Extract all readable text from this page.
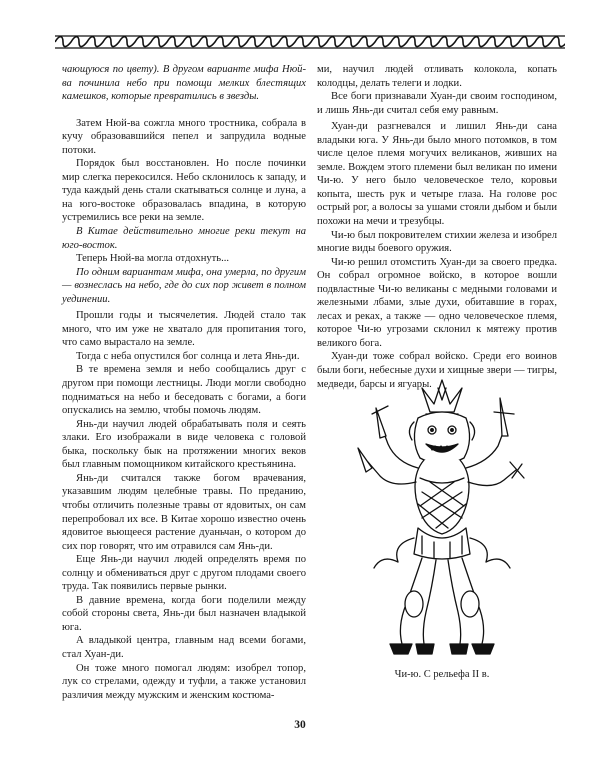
чающуюся по цвету). В другом варианте мифа Нюй-ва починила небо при помощи мелких блестящих камешков, которые превратились в звезды.

Затем Нюй-ва сожгла много тростника, собрала в кучу образовавшийся пепел и запрудила водные потоки.

Порядок был восстановлен. Но после починки мир слегка перекосился. Небо склонилось к западу, и туда каждый день стали скатываться солнце и луна, а на юго-востоке образовалась впадина, в которую устремились все реки на земле.

В Китае действительно многие реки текут на юго-восток.

Теперь Нюй-ва могла отдохнуть...

По одним вариантам мифа, она умерла, по другим — вознеслась на небо, где до сих пор живет в полном уединении.

Прошли годы и тысячелетия. Людей стало так много, что им уже не хватало для пропитания того, что само вырастало на земле.

Тогда с неба опустился бог солнца и лета Янь-ди.

В те времена земля и небо сообщались друг с другом при помощи лестницы. Люди могли свободно подниматься на небо и беседовать с богами, а боги опускались на землю, чтобы помочь людям.

Янь-ди научил людей обрабатывать поля и сеять злаки. Его изображали в виде человека с головой быка, поскольку бык на протяжении многих веков был главным помощником китайского крестьянина.

Янь-ди считался также богом врачевания, указавшим людям целебные травы. По преданию, чтобы отличить полезные травы от ядовитых, он сам перепробовал их все. В Китае хорошо известно очень ядовитое вьющееся растение дуаньчан, о котором до сих пор говорят, что им отравился сам Янь-ди.

Еще Янь-ди научил людей определять время по солнцу и обмениваться друг с другом плодами своего труда. Так появились первые рынки.

В давние времена, когда боги поделили между собой стороны света, Янь-ди был назначен владыкой юга.

А владыкой центра, главным над всеми богами, стал Хуан-ди.

Он тоже много помогал людям: изобрел топор, лук со стрелами, одежду и туфли, а также установил различия между мужским и женским костюма-

ми, научил людей отливать колокола, копать колодцы, делать телеги и лодки.

Все боги признавали Хуан-ди своим господином, и лишь Янь-ди считал себя ему равным.

Хуан-ди разгневался и лишил Янь-ди сана владыки юга. У Янь-ди было много потомков, в том числе целое племя могучих великанов, живших на земле. Вождем этого племени был великан по имени Чи-ю. У него было человеческое тело, коровьи копыта, шесть рук и четыре глаза. На голове рос острый рог, а волосы за ушами стояли дыбом и были похожи на мечи и трезубцы.

Чи-ю был покровителем стихии железа и изобрел многие виды боевого оружия.

Чи-ю решил отомстить Хуан-ди за своего предка. Он собрал огромное войско, в которое вошли подвластные Чи-ю великаны с медными головами и железными лбами, злые духи, обитавшие в горах, лесах и реках, а также — одно человеческое племя, которое Чи-ю угрозами склонил к мятежу против великого бога.

Хуан-ди тоже собрал войско. Среди его воинов были боги, небесные духи и хищные звери — тигры, медведи, барсы и ягуары.

Чи-ю. С рельефа II в.
30
